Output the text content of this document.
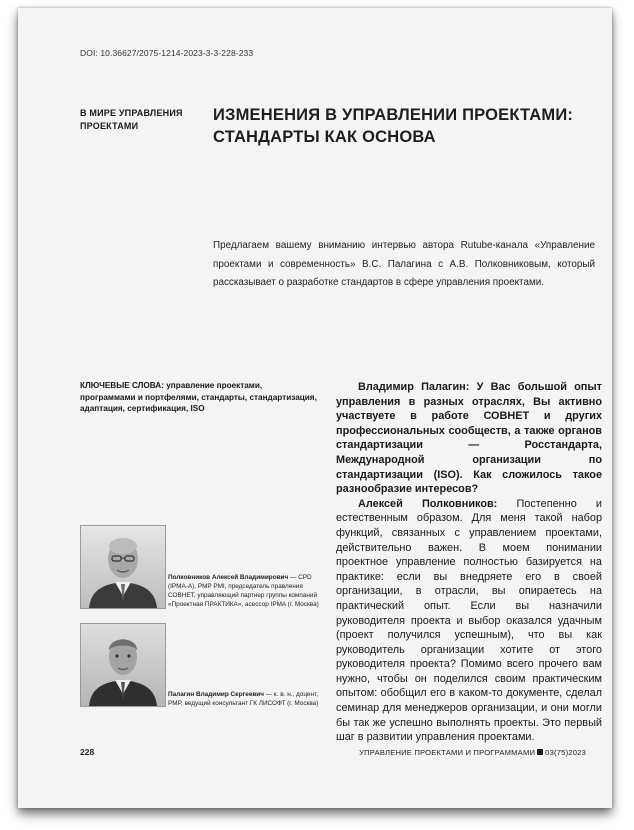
DOI: 10.36627/2075-1214-2023-3-3-228-233
В МИРЕ УПРАВЛЕНИЯ ПРОЕКТАМИ
ИЗМЕНЕНИЯ В УПРАВЛЕНИИ ПРОЕКТАМИ: СТАНДАРТЫ КАК ОСНОВА
Предлагаем вашему вниманию интервью автора Rutube-канала «Управление проектами и современность» В.С. Палагина с А.В. Полковниковым, который рассказывает о разработке стандартов в сфере управления проектами.
КЛЮЧЕВЫЕ СЛОВА: управление проектами, программами и портфелями, стандарты, стандартизация, адаптация, сертификация, ISO
Полковников Алексей Владимирович — CPD (IPMA-A), PMP PMI, председатель правления СОВНЕТ, управляющий партнер группы компаний «Проектная ПРАКТИКА», асессор IPMA (г. Москва)
Палагин Владимир Сергеевич — к. в. н., доцент, PMP, ведущий консультант ГК ЛИСОФТ (г. Москва)

Владимир Палагин: У Вас большой опыт управления в разных отраслях, Вы активно участвуете в работе СОВНЕТ и других профессиональных сообществ, а также органов стандартизации — Росстандарта, Международной организации по стандартизации (ISO). Как сложилось такое разнообразие интересов?

Алексей Полковников: Постепенно и естественным образом. Для меня такой набор функций, связанных с управлением проектами, действительно важен. В моем понимании проектное управление полностью базируется на практике: если вы внедряете его в своей организации, в отрасли, вы опираетесь на практический опыт. Если вы назначили руководителя проекта и выбор оказался удачным (проект получился успешным), что вы как руководитель организации хотите от этого руководителя проекта? Помимо всего прочего вам нужно, чтобы он поделился своим практическим опытом: обобщил его в каком-то документе, сделал семинар для менеджеров организации, и они могли бы так же успешно выполнять проекты. Это первый шаг в развитии управления проектами.

228	УПРАВЛЕНИЕ ПРОЕКТАМИ И ПРОГРАММАМИ 03(75)2023
